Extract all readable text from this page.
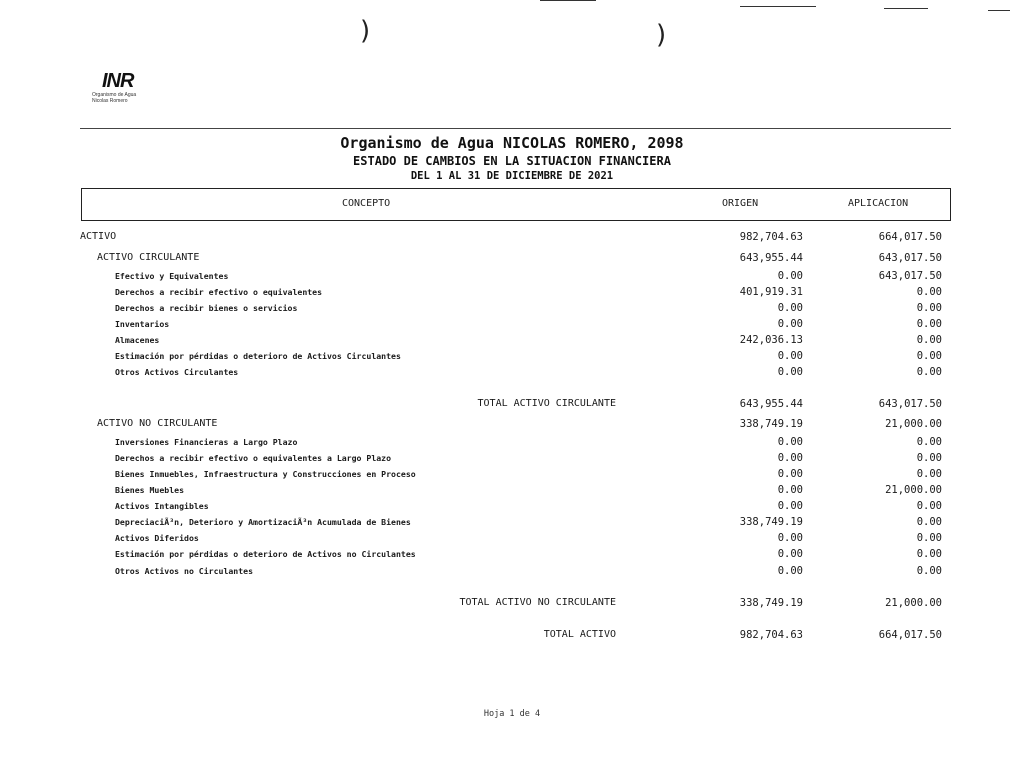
)	)
INR
Organismo de Agua Nicolas Romero
Organismo de Agua NICOLAS ROMERO, 2098
ESTADO DE CAMBIOS EN LA SITUACION FINANCIERA
DEL 1 AL 31 DE DICIEMBRE DE 2021
CONCEPTO	ORIGEN	APLICACION
ACTIVO	982,704.63	664,017.50
ACTIVO CIRCULANTE	643,955.44	643,017.50
Efectivo y Equivalentes	0.00	643,017.50
Derechos a recibir efectivo o equivalentes	401,919.31	0.00
Derechos a recibir bienes o servicios	0.00	0.00
Inventarios	0.00	0.00
Almacenes	242,036.13	0.00
Estimación por pérdidas o deterioro de Activos Circulantes	0.00	0.00
Otros Activos Circulantes	0.00	0.00
TOTAL ACTIVO CIRCULANTE	643,955.44	643,017.50
ACTIVO NO CIRCULANTE	338,749.19	21,000.00
Inversiones Financieras a Largo Plazo	0.00	0.00
Derechos a recibir efectivo o equivalentes a Largo Plazo	0.00	0.00
Bienes Inmuebles, Infraestructura y Construcciones en Proceso	0.00	0.00
Bienes Muebles	0.00	21,000.00
Activos Intangibles	0.00	0.00
DepreciaciÃ³n, Deterioro y AmortizaciÃ³n Acumulada de Bienes	338,749.19	0.00
Activos Diferidos	0.00	0.00
Estimación por pérdidas o deterioro de Activos no Circulantes	0.00	0.00
Otros Activos no Circulantes	0.00	0.00
TOTAL ACTIVO NO CIRCULANTE	338,749.19	21,000.00
TOTAL ACTIVO	982,704.63	664,017.50
Hoja 1 de 4
